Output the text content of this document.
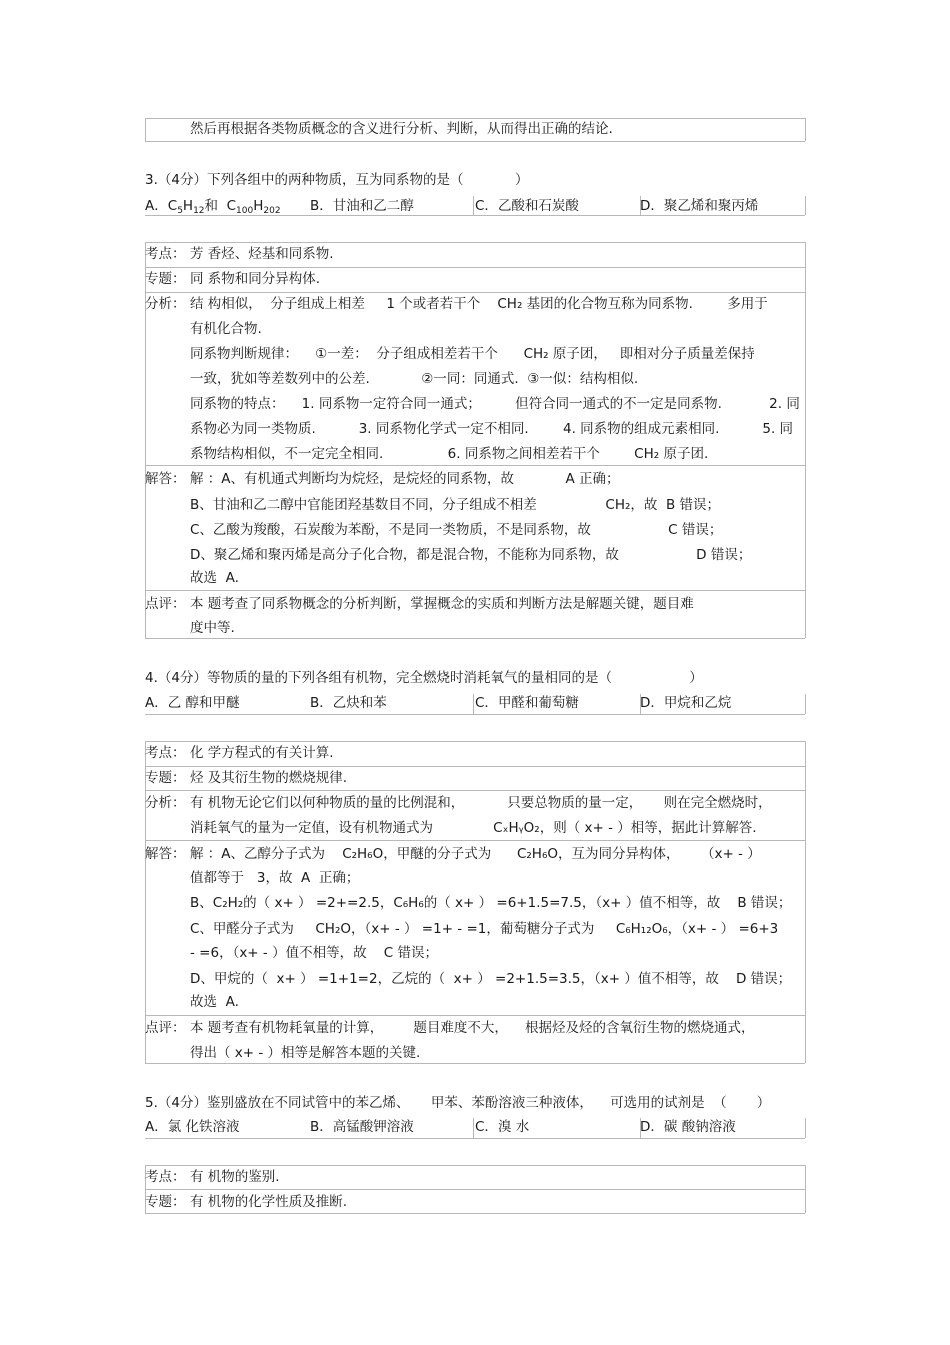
然后再根据各类物质概念的含义进行分析、判断，从而得出正确的结论.
3.（4分）下列各组中的两种物质，互为同系物的是（            ）
A．$C_5H_{12}$和  $C_{100}H_{202}$ B．甘油和乙二醇	C．乙酸和石炭酸	D．聚乙烯和聚丙烯
考点： 芳 香烃、烃基和同系物.
专题： 同 系物和同分异构体.
分析： 结 构相似，  分子组成上相差     1 个或者若干个    CH₂ 基团的化合物互称为同系物.        多用于
有机化合物.
同系物判断规律：    ①一差：  分子组成相差若干个      CH₂ 原子团，   即相对分子质量差保持
一致，犹如等差数列中的公差.            ②一同：同通式.  ③一似：结构相似.
同系物的特点：    1. 同系物一定符合同一通式；        但符合同一通式的不一定是同系物.           2. 同
系物必为同一类物质.          3. 同系物化学式一定不相同.        4. 同系物的组成元素相同.          5. 同
系物结构相似，不一定完全相同.               6. 同系物之间相差若干个        CH₂ 原子团.
解答： 解 ：A、有机通式判断均为烷烃，是烷烃的同系物，故            A 正确；
B、甘油和乙二醇中官能团羟基数目不同，分子组成不相差                CH₂，故  B 错误；
C、乙酸为羧酸，石炭酸为苯酚，不是同一类物质，不是同系物，故                  C 错误；
D、聚乙烯和聚丙烯是高分子化合物，都是混合物，不能称为同系物，故                  D 错误；
故选  A.
点评： 本 题考查了同系物概念的分析判断，掌握概念的实质和判断方法是解题关键，题目难
度中等.
4.（4分）等物质的量的下列各组有机物，完全燃烧时消耗氧气的量相同的是（                  ）
A．乙 醇和甲醚	B．乙炔和苯	C．甲醛和葡萄糖	D．甲烷和乙烷
考点： 化 学方程式的有关计算.
专题： 烃 及其衍生物的燃烧规律.
分析： 有 机物无论它们以何种物质的量的比例混和，          只要总物质的量一定，     则在完全燃烧时，
消耗氧气的量为一定值，设有机物通式为              CₓHᵧO₂，则（ x+ - ）相等，据此计算解答.
解答： 解 ：A、乙醇分子式为    C₂H₆O，甲醚的分子式为      C₂H₆O，互为同分异构体，     （x+ - ）
值都等于   3，故  A  正确；
B、C₂H₂的（ x+ ） =2+=2.5，C₆H₆的（ x+ ） =6+1.5=7.5，（x+ ）值不相等，故    B 错误；
C、甲醛分子式为     CH₂O，（x+ - ） =1+ - =1，葡萄糖分子式为     C₆H₁₂O₆，（x+ - ） =6+3
- =6，（x+ - ）值不相等，故    C 错误；
D、甲烷的（  x+ ） =1+1=2，乙烷的（  x+ ） =2+1.5=3.5，（x+ ）值不相等，故    D 错误；
故选  A.
点评： 本 题考查有机物耗氧量的计算，       题目难度不大，    根据烃及烃的含氧衍生物的燃烧通式，
得出（ x+ - ）相等是解答本题的关键.
5.（4分）鉴别盛放在不同试管中的苯乙烯、     甲苯、苯酚溶液三种液体，    可选用的试剂是  （       ）
A．氯 化铁溶液	B．高锰酸钾溶液	C．溴 水	D．碳 酸钠溶液
考点： 有 机物的鉴别.
专题： 有 机物的化学性质及推断.
